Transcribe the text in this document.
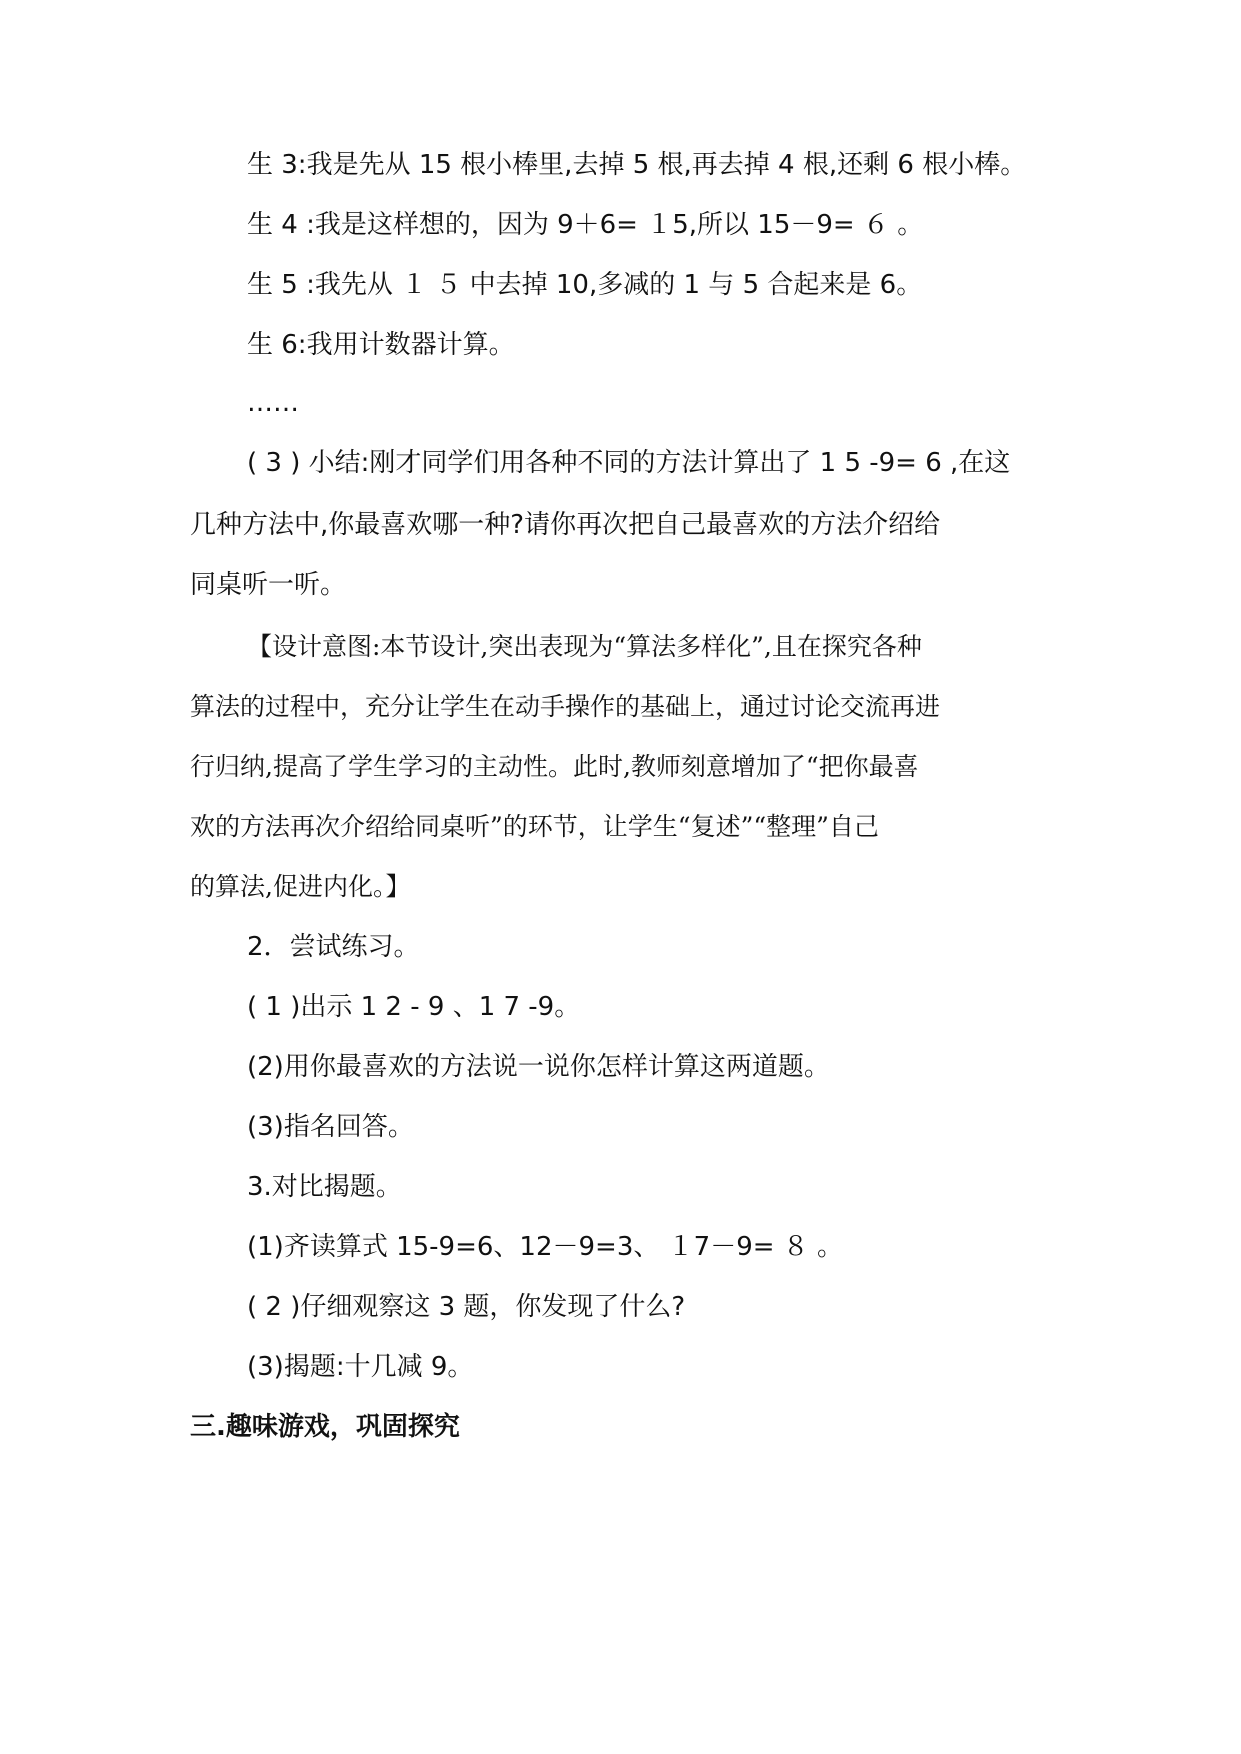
生 3:我是先从 15 根小棒里,去掉 5 根,再去掉 4 根,还剩 6 根小棒。
生 4 :我是这样想的，因为 9＋6= １5,所以 15－9= ６ 。
生 5 :我先从 １ ５ 中去掉 10,多减的 1 与 5 合起来是 6。
生 6:我用计数器计算。
……
( 3 ) 小结:刚才同学们用各种不同的方法计算出了 1 5 -9= 6 ,在这
几种方法中,你最喜欢哪一种?请你再次把自己最喜欢的方法介绍给
同桌听一听。
【设计意图:本节设计,突出表现为“算法多样化”,且在探究各种
算法的过程中，充分让学生在动手操作的基础上，通过讨论交流再进
行归纳,提高了学生学习的主动性。此时,教师刻意增加了“把你最喜
欢的方法再次介绍给同桌听”的环节，让学生“复述”“整理”自己
的算法,促进内化。】
2．尝试练习。
( 1 )出示 1 2 - 9 、1 7 -9。
(2)用你最喜欢的方法说一说你怎样计算这两道题。
(3)指名回答。
3.对比揭题。
(1)齐读算式 15-9=6、12－9=3、 １7－9= ８ 。
( 2 )仔细观察这 3 题，你发现了什么?
(3)揭题:十几减 9。
三.趣味游戏，巩固探究
